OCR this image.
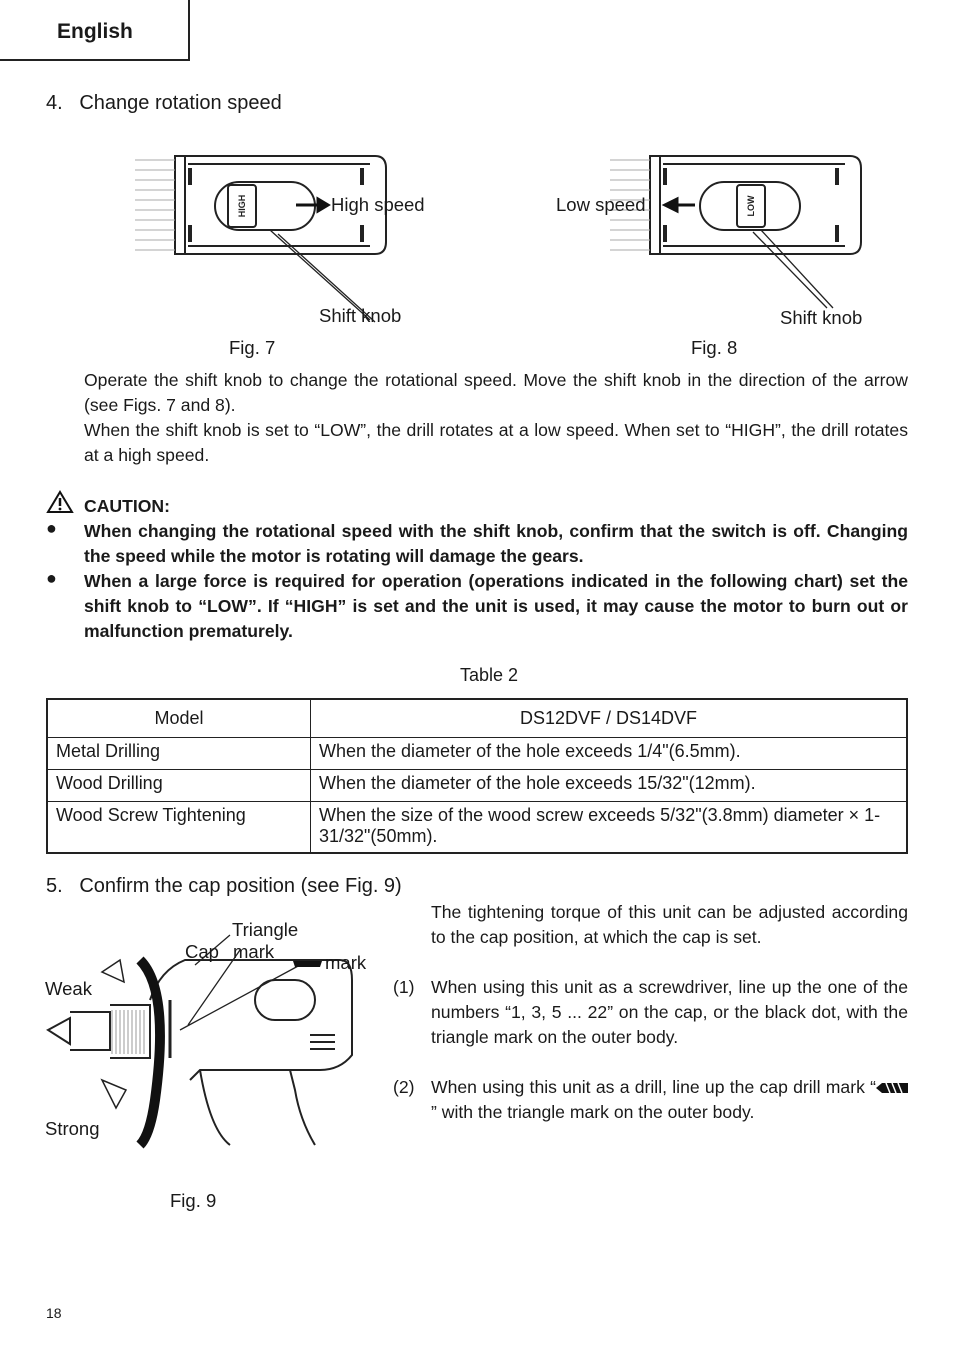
English
4.   Change rotation speed
HIGH	High speed
Shift knob
Fig. 7
LOW
Low speed
Shift knob
Fig. 8
Operate the shift knob to change the rotational speed. Move the shift knob in the direction of the arrow (see Figs. 7 and 8).
When the shift knob is set to “LOW”, the drill rotates at a low speed. When set to “HIGH”, the drill rotates at a high speed.
CAUTION:
● When changing the rotational speed with the shift knob, confirm that the switch is off. Changing the speed while the motor is rotating will damage the gears.
● When a large force is required for operation (operations indicated in the following chart) set the shift knob to “LOW”. If “HIGH” is set and the unit is used, it may cause the motor to burn out or malfunction prematurely.
Table 2
Model	DS12DVF / DS14DVF
Metal Drilling	When the diameter of the hole exceeds 1/4"(6.5mm).
Wood Drilling	When the diameter of the hole exceeds 15/32"(12mm).
Wood Screw Tightening	When the size of the wood screw exceeds 5/32"(3.8mm) diameter × 1-31/32"(50mm).
5.   Confirm the cap position (see Fig. 9)
Triangle
mark
Cap
mark
Weak
Strong
Fig. 9
The tightening torque of this unit can be adjusted according to the cap position, at which the cap is set.
(1) When using this unit as a screwdriver, line up the one of the numbers “1, 3, 5 ... 22” on the cap, or the black dot, with the triangle mark on the outer body.
(2) When using this unit as a drill, line up the cap drill mark “” with the triangle mark on the outer body.
18
